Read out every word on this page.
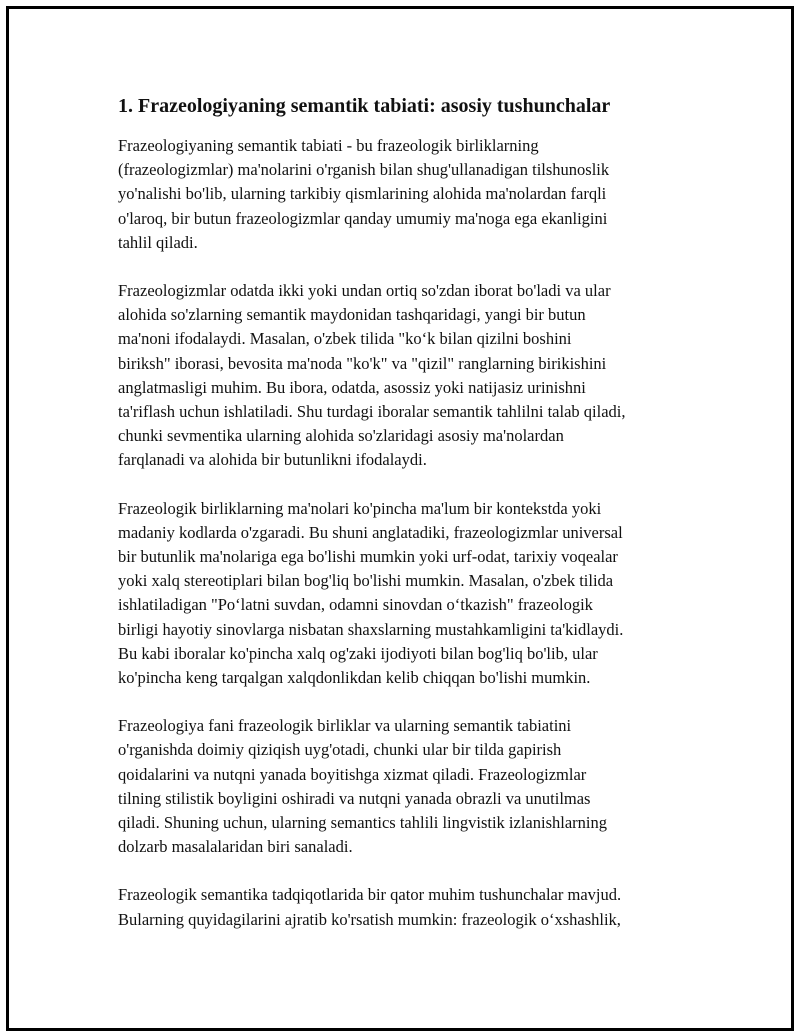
1. Frazeologiyaning semantik tabiati: asosiy tushunchalar

Frazeologiyaning semantik tabiati - bu frazeologik birliklarning
(frazeologizmlar) ma'nolarini o'rganish bilan shug'ullanadigan tilshunoslik
yo'nalishi bo'lib, ularning tarkibiy qismlarining alohida ma'nolardan farqli
o'laroq, bir butun frazeologizmlar qanday umumiy ma'noga ega ekanligini
tahlil qiladi.

Frazeologizmlar odatda ikki yoki undan ortiq so'zdan iborat bo'ladi va ular
alohida so'zlarning semantik maydonidan tashqaridagi, yangi bir butun
ma'noni ifodalaydi. Masalan, o'zbek tilida "ko‘k bilan qizilni boshini
biriksh" iborasi, bevosita ma'noda "ko'k" va "qizil" ranglarning birikishini
anglatmasligi muhim. Bu ibora, odatda, asossiz yoki natijasiz urinishni
ta'riflash uchun ishlatiladi. Shu turdagi iboralar semantik tahlilni talab qiladi,
chunki sevmentika ularning alohida so'zlaridagi asosiy ma'nolardan
farqlanadi va alohida bir butunlikni ifodalaydi.

Frazeologik birliklarning ma'nolari ko'pincha ma'lum bir kontekstda yoki
madaniy kodlarda o'zgaradi. Bu shuni anglatadiki, frazeologizmlar universal
bir butunlik ma'nolariga ega bo'lishi mumkin yoki urf-odat, tarixiy voqealar
yoki xalq stereotiplari bilan bog'liq bo'lishi mumkin. Masalan, o'zbek tilida
ishlatiladigan "Po‘latni suvdan, odamni sinovdan o‘tkazish" frazeologik
birligi hayotiy sinovlarga nisbatan shaxslarning mustahkamligini ta'kidlaydi.
Bu kabi iboralar ko'pincha xalq og'zaki ijodiyoti bilan bog'liq bo'lib, ular
ko'pincha keng tarqalgan xalqdonlikdan kelib chiqqan bo'lishi mumkin.

Frazeologiya fani frazeologik birliklar va ularning semantik tabiatini
o'rganishda doimiy qiziqish uyg'otadi, chunki ular bir tilda gapirish
qoidalarini va nutqni yanada boyitishga xizmat qiladi. Frazeologizmlar
tilning stilistik boyligini oshiradi va nutqni yanada obrazli va unutilmas
qiladi. Shuning uchun, ularning semantics tahlili lingvistik izlanishlarning
dolzarb masalalaridan biri sanaladi.

Frazeologik semantika tadqiqotlarida bir qator muhim tushunchalar mavjud.
Bularning quyidagilarini ajratib ko'rsatish mumkin: frazeologik o‘xshashlik,
